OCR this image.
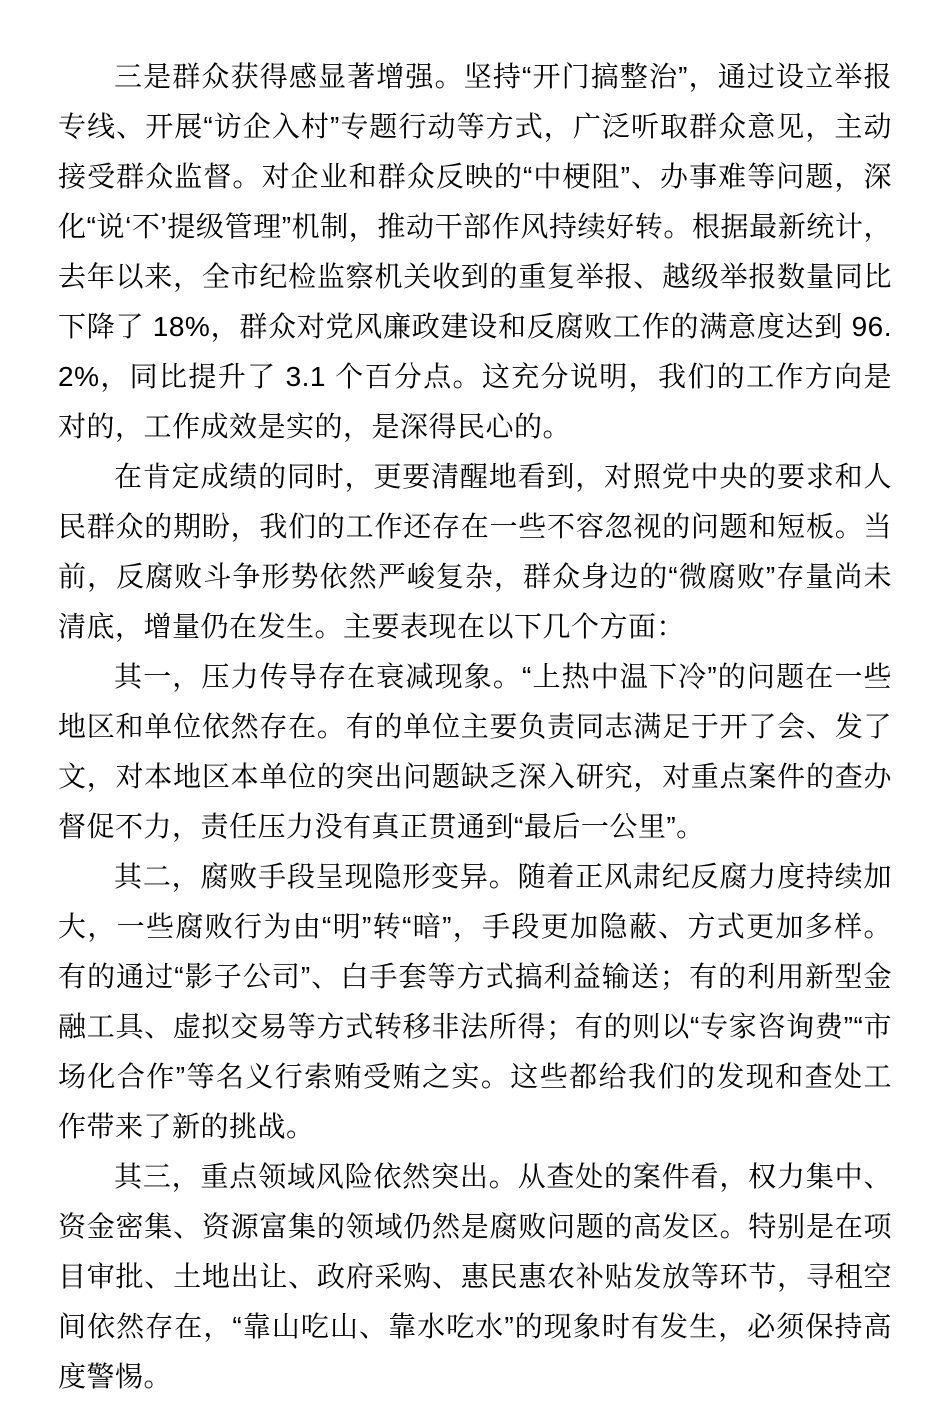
三是群众获得感显著增强。坚持“开门搞整治”，通过设立举报专线、开展“访企入村”专题行动等方式，广泛听取群众意见，主动接受群众监督。对企业和群众反映的“中梗阻”、办事难等问题，深化“说‘不’提级管理”机制，推动干部作风持续好转。根据最新统计，去年以来，全市纪检监察机关收到的重复举报、越级举报数量同比下降了 18%，群众对党风廉政建设和反腐败工作的满意度达到 96.2%，同比提升了 3.1 个百分点。这充分说明，我们的工作方向是对的，工作成效是实的，是深得民心的。

在肯定成绩的同时，更要清醒地看到，对照党中央的要求和人民群众的期盼，我们的工作还存在一些不容忽视的问题和短板。当前，反腐败斗争形势依然严峻复杂，群众身边的“微腐败”存量尚未清底，增量仍在发生。主要表现在以下几个方面：

其一，压力传导存在衰减现象。“上热中温下冷”的问题在一些地区和单位依然存在。有的单位主要负责同志满足于开了会、发了文，对本地区本单位的突出问题缺乏深入研究，对重点案件的查办督促不力，责任压力没有真正贯通到“最后一公里”。

其二，腐败手段呈现隐形变异。随着正风肃纪反腐力度持续加大，一些腐败行为由“明”转“暗”，手段更加隐蔽、方式更加多样。有的通过“影子公司”、白手套等方式搞利益输送；有的利用新型金融工具、虚拟交易等方式转移非法所得；有的则以“专家咨询费”“市场化合作”等名义行索贿受贿之实。这些都给我们的发现和查处工作带来了新的挑战。

其三，重点领域风险依然突出。从查处的案件看，权力集中、资金密集、资源富集的领域仍然是腐败问题的高发区。特别是在项目审批、土地出让、政府采购、惠民惠农补贴发放等环节，寻租空间依然存在，“靠山吃山、靠水吃水”的现象时有发生，必须保持高度警惕。
